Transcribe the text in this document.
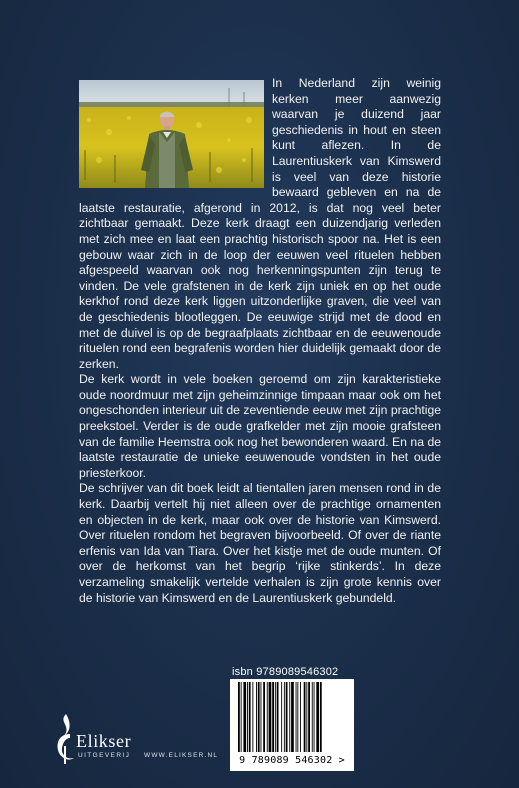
In Nederland zijn weinig kerken meer aanwezig waarvan je duizend jaar geschiedenis in hout en steen kunt aflezen. In de Laurentiuskerk van Kimswerd is veel van deze historie bewaard gebleven en na de laatste restauratie, afgerond in 2012, is dat nog veel beter zichtbaar gemaakt. Deze kerk draagt een duizendjarig verleden met zich mee en laat een prachtig historisch spoor na. Het is een gebouw waar zich in de loop der eeuwen veel rituelen hebben afgespeeld waarvan ook nog herkenningspunten zijn terug te vinden. De vele grafstenen in de kerk zijn uniek en op het oude kerkhof rond deze kerk liggen uitzonderlijke graven, die veel van de geschiedenis blootleggen. De eeuwige strijd met de dood en met de duivel is op de begraafplaats zichtbaar en de eeuwenoude rituelen rond een begrafenis worden hier duidelijk gemaakt door de zerken.

De kerk wordt in vele boeken geroemd om zijn karakteristieke oude noordmuur met zijn geheimzinnige timpaan maar ook om het ongeschonden interieur uit de zeventiende eeuw met zijn prachtige preekstoel. Verder is de oude grafkelder met zijn mooie grafsteen van de familie Heemstra ook nog het bewonderen waard. En na de laatste restauratie de unieke eeuwenoude vondsten in het oude priesterkoor.

De schrijver van dit boek leidt al tientallen jaren mensen rond in de kerk. Daarbij vertelt hij niet alleen over de prachtige ornamenten en objecten in de kerk, maar ook over de historie van Kimswerd. Over rituelen rondom het begraven bijvoorbeeld. Of over de riante erfenis van Ida van Tiara. Over het kistje met de oude munten. Of over de herkomst van het begrip ‘rijke stinkerds’. In deze verzameling smakelijk vertelde verhalen is zijn grote kennis over de historie van Kimswerd en de Laurentiuskerk gebundeld.

isbn 9789089546302
9 789089 546302 >
Elikser
UITGEVERIJ WWW.ELIKSER.NL
